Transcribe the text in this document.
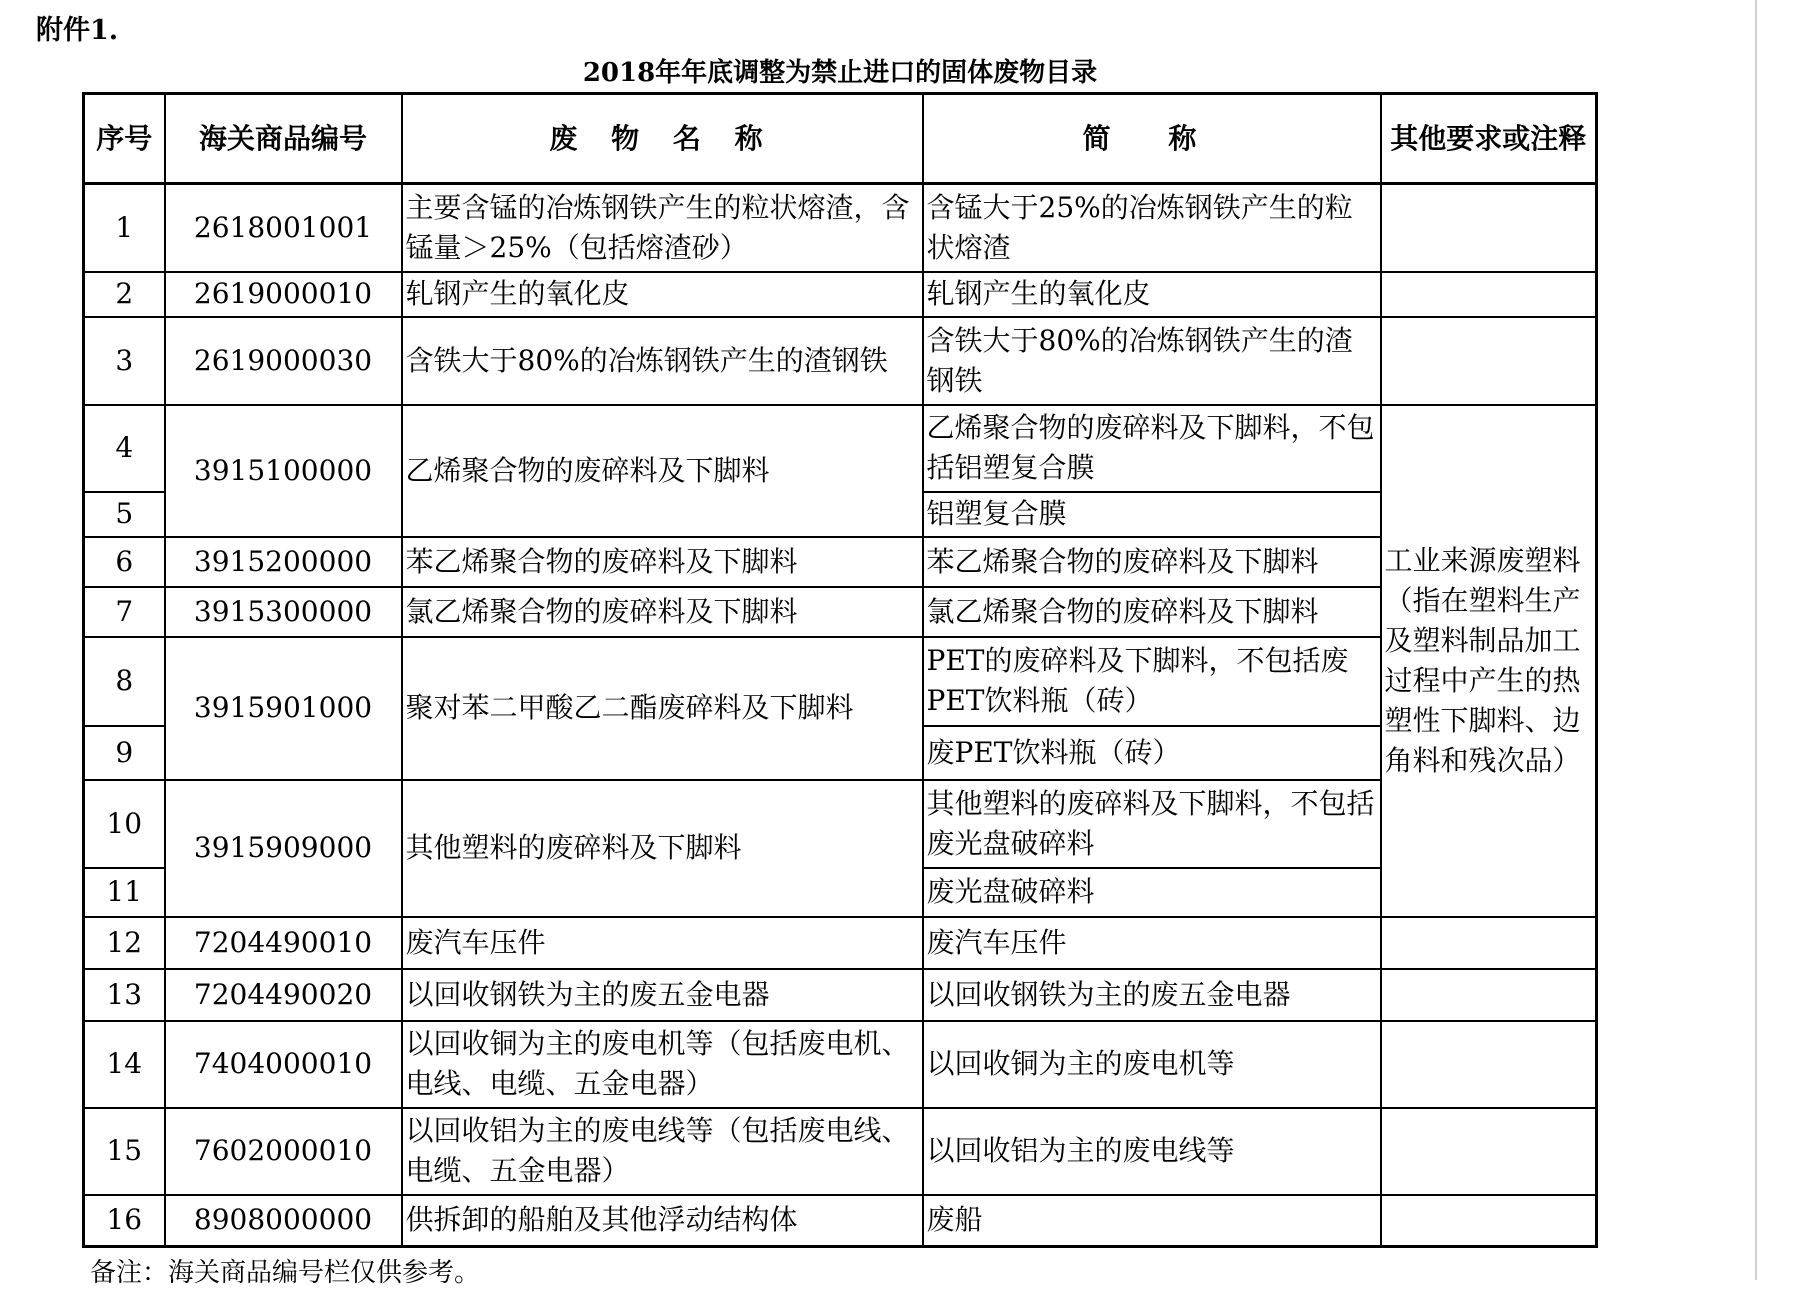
附件1.
2018年年底调整为禁止进口的固体废物目录
序号	海关商品编号	废 物 名 称	简 称	其他要求或注释
1	2618001001	主要含锰的冶炼钢铁产生的粒状熔渣，含锰量＞25%（包括熔渣砂）	含锰大于25%的冶炼钢铁产生的粒状熔渣	
2	2619000010	轧钢产生的氧化皮	轧钢产生的氧化皮	
3	2619000030	含铁大于80%的冶炼钢铁产生的渣钢铁	含铁大于80%的冶炼钢铁产生的渣钢铁	
4	3915100000	乙烯聚合物的废碎料及下脚料	乙烯聚合物的废碎料及下脚料，不包括铝塑复合膜	工业来源废塑料（指在塑料生产及塑料制品加工过程中产生的热塑性下脚料、边角料和残次品）
5			铝塑复合膜	
6	3915200000	苯乙烯聚合物的废碎料及下脚料	苯乙烯聚合物的废碎料及下脚料	
7	3915300000	氯乙烯聚合物的废碎料及下脚料	氯乙烯聚合物的废碎料及下脚料	
8	3915901000	聚对苯二甲酸乙二酯废碎料及下脚料	PET的废碎料及下脚料，不包括废PET饮料瓶（砖）	
9			废PET饮料瓶（砖）	
10	3915909000	其他塑料的废碎料及下脚料	其他塑料的废碎料及下脚料，不包括废光盘破碎料	
11			废光盘破碎料	
12	7204490010	废汽车压件	废汽车压件	
13	7204490020	以回收钢铁为主的废五金电器	以回收钢铁为主的废五金电器	
14	7404000010	以回收铜为主的废电机等（包括废电机、电线、电缆、五金电器）	以回收铜为主的废电机等	
15	7602000010	以回收铝为主的废电线等（包括废电线、电缆、五金电器）	以回收铝为主的废电线等	
16	8908000000	供拆卸的船舶及其他浮动结构体	废船	
备注：海关商品编号栏仅供参考。
